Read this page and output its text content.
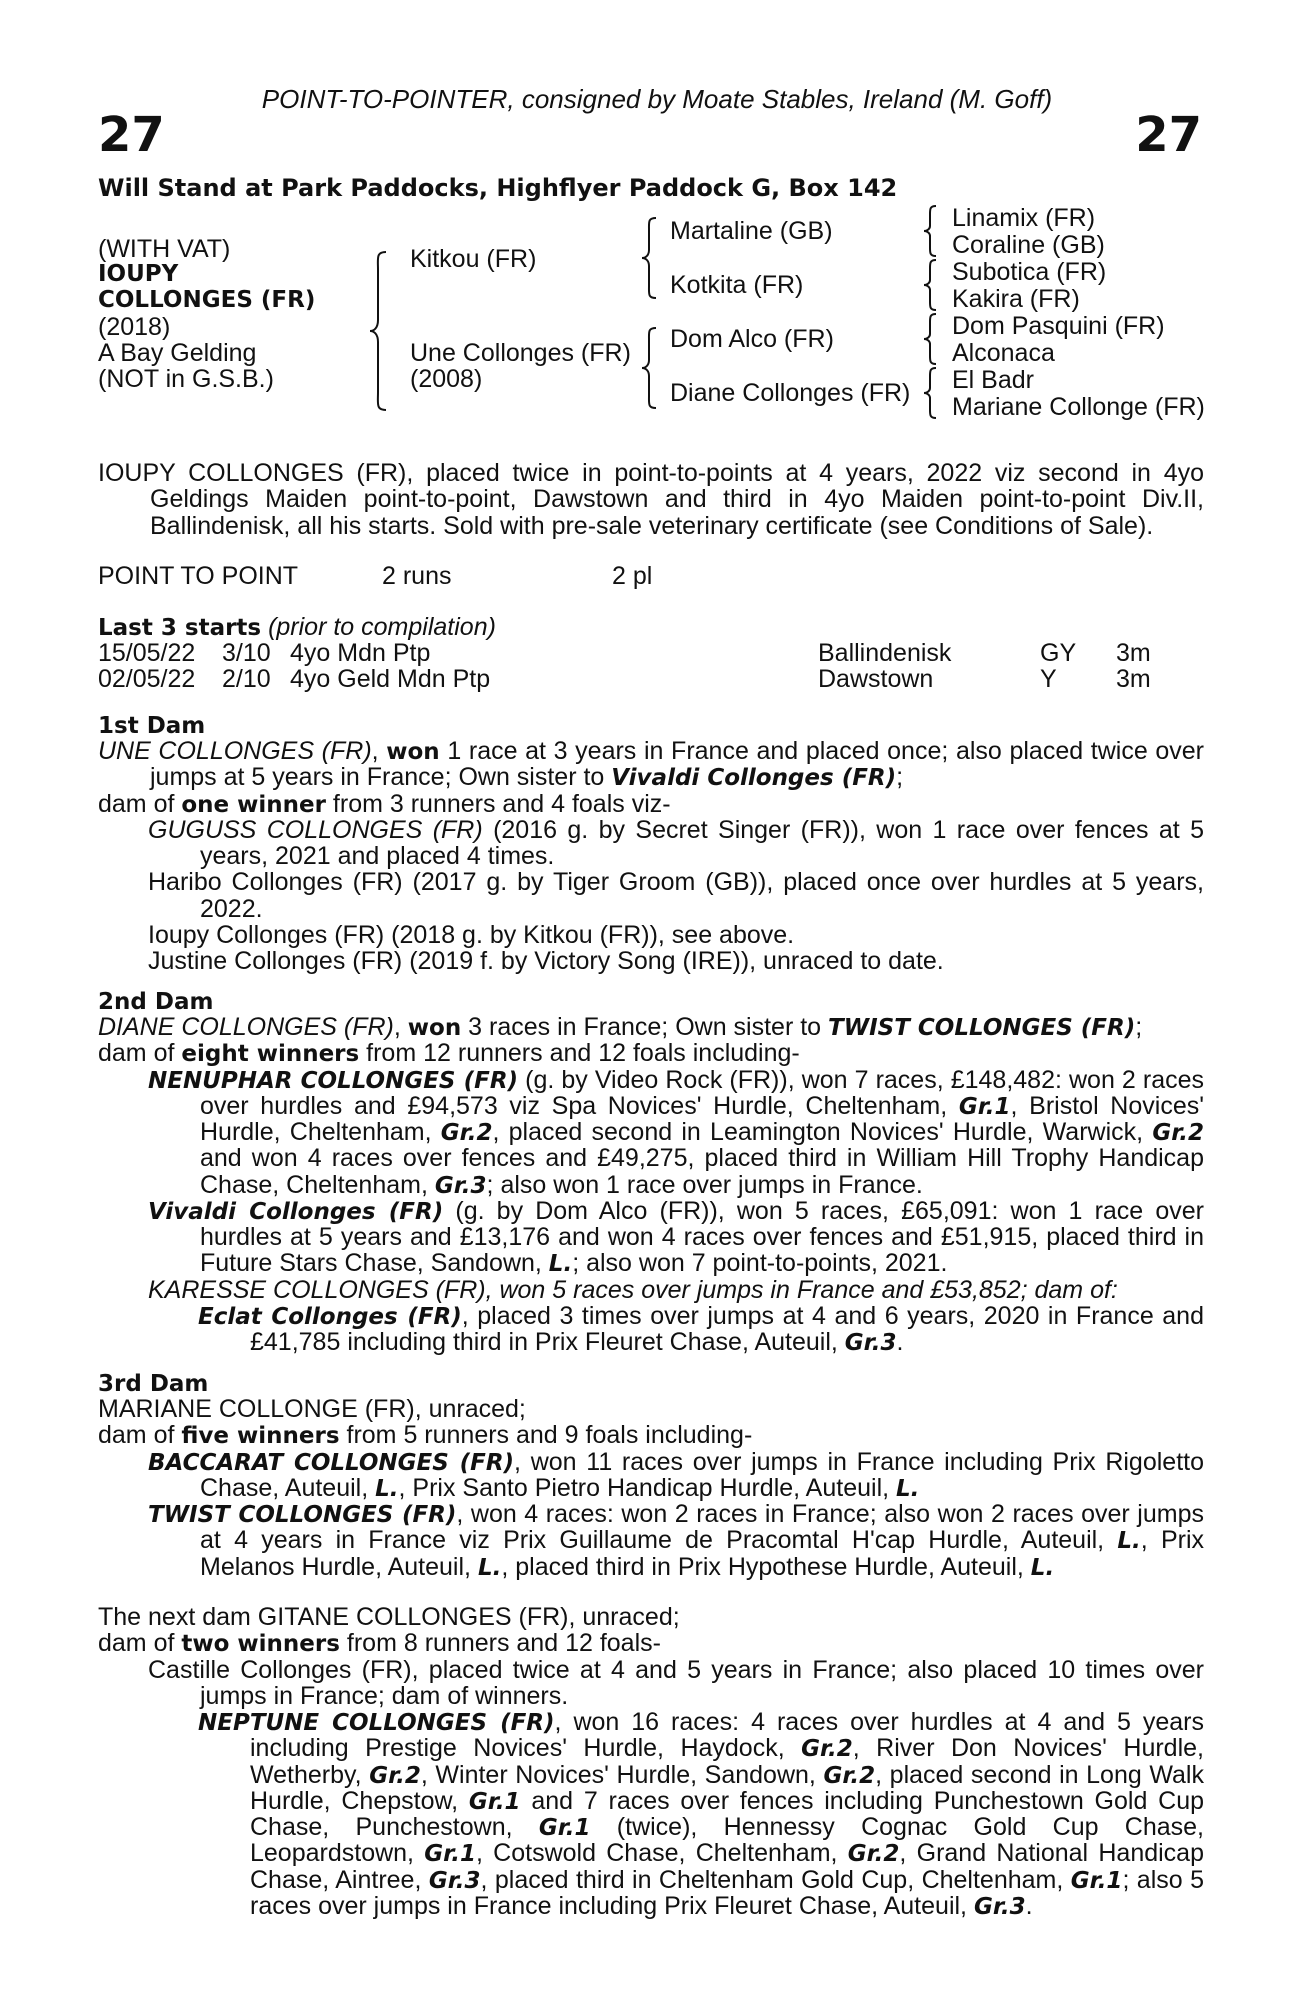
POINT-TO-POINTER, consigned by Moate Stables, Ireland (M. Goff)
27	27
Will Stand at Park Paddocks, Highflyer Paddock G, Box 142
(WITH VAT)
IOUPY
COLLONGES (FR)
(2018)
A Bay Gelding
(NOT in G.S.B.)
Kitkou (FR)
Une Collonges (FR)
(2008)
Martaline (GB)
Kotkita (FR)
Dom Alco (FR)
Diane Collonges (FR)
Linamix (FR)
Coraline (GB)
Subotica (FR)
Kakira (FR)
Dom Pasquini (FR)
Alconaca
El Badr
Mariane Collonge (FR)

IOUPY COLLONGES (FR), placed twice in point-to-points at 4 years, 2022 viz second in 4yo Geldings Maiden point-to-point, Dawstown and third in 4yo Maiden point-to-point Div.II, Ballindenisk, all his starts. Sold with pre-sale veterinary certificate (see Conditions of Sale).

POINT TO POINT	2 runs	2 pl
Last 3 starts (prior to compilation)
15/05/22 3/10 4yo Mdn Ptp	Ballindenisk	GY 3m
02/05/22 2/10 4yo Geld Mdn Ptp	Dawstown	Y 3m

1st Dam

UNE COLLONGES (FR), won 1 race at 3 years in France and placed once; also placed twice over jumps at 5 years in France; Own sister to Vivaldi Collonges (FR);

dam of one winner from 3 runners and 4 foals viz-

GUGUSS COLLONGES (FR) (2016 g. by Secret Singer (FR)), won 1 race over fences at 5 years, 2021 and placed 4 times.

Haribo Collonges (FR) (2017 g. by Tiger Groom (GB)), placed once over hurdles at 5 years, 2022.

Ioupy Collonges (FR) (2018 g. by Kitkou (FR)), see above.

Justine Collonges (FR) (2019 f. by Victory Song (IRE)), unraced to date.

2nd Dam

DIANE COLLONGES (FR), won 3 races in France; Own sister to TWIST COLLONGES (FR);

dam of eight winners from 12 runners and 12 foals including-

NENUPHAR COLLONGES (FR) (g. by Video Rock (FR)), won 7 races, £148,482: won 2 races over hurdles and £94,573 viz Spa Novices' Hurdle, Cheltenham, Gr.1, Bristol Novices' Hurdle, Cheltenham, Gr.2, placed second in Leamington Novices' Hurdle, Warwick, Gr.2 and won 4 races over fences and £49,275, placed third in William Hill Trophy Handicap Chase, Cheltenham, Gr.3; also won 1 race over jumps in France.

Vivaldi Collonges (FR) (g. by Dom Alco (FR)), won 5 races, £65,091: won 1 race over hurdles at 5 years and £13,176 and won 4 races over fences and £51,915, placed third in Future Stars Chase, Sandown, L.; also won 7 point-to-points, 2021.

KARESSE COLLONGES (FR), won 5 races over jumps in France and £53,852; dam of:

Eclat Collonges (FR), placed 3 times over jumps at 4 and 6 years, 2020 in France and £41,785 including third in Prix Fleuret Chase, Auteuil, Gr.3.

3rd Dam

MARIANE COLLONGE (FR), unraced;

dam of five winners from 5 runners and 9 foals including-

BACCARAT COLLONGES (FR), won 11 races over jumps in France including Prix Rigoletto Chase, Auteuil, L., Prix Santo Pietro Handicap Hurdle, Auteuil, L.

TWIST COLLONGES (FR), won 4 races: won 2 races in France; also won 2 races over jumps at 4 years in France viz Prix Guillaume de Pracomtal H'cap Hurdle, Auteuil, L., Prix Melanos Hurdle, Auteuil, L., placed third in Prix Hypothese Hurdle, Auteuil, L.

The next dam GITANE COLLONGES (FR), unraced;

dam of two winners from 8 runners and 12 foals-

Castille Collonges (FR), placed twice at 4 and 5 years in France; also placed 10 times over jumps in France; dam of winners.

NEPTUNE COLLONGES (FR), won 16 races: 4 races over hurdles at 4 and 5 years including Prestige Novices' Hurdle, Haydock, Gr.2, River Don Novices' Hurdle, Wetherby, Gr.2, Winter Novices' Hurdle, Sandown, Gr.2, placed second in Long Walk Hurdle, Chepstow, Gr.1 and 7 races over fences including Punchestown Gold Cup Chase, Punchestown, Gr.1 (twice), Hennessy Cognac Gold Cup Chase, Leopardstown, Gr.1, Cotswold Chase, Cheltenham, Gr.2, Grand National Handicap Chase, Aintree, Gr.3, placed third in Cheltenham Gold Cup, Cheltenham, Gr.1; also 5 races over jumps in France including Prix Fleuret Chase, Auteuil, Gr.3.
